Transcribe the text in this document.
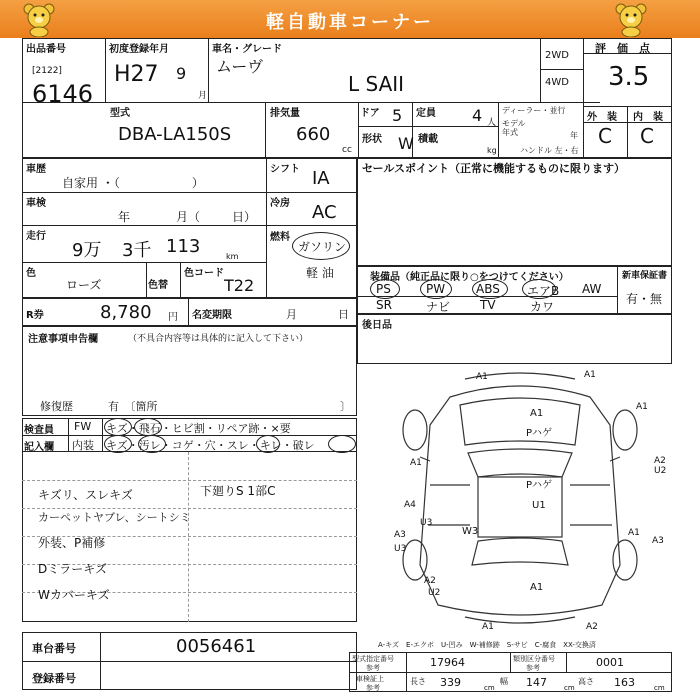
軽自動車コーナー
出品番号
[2122]
6146
初度登録年月
H27 9
月
車名・グレード
ムーヴ
L SAII
2WD
4WD
評　価　点
3.5
型式
DBA-LA150S
排気量
660
cc
ドア 5
形状 W
定員 4 人
積載
kg
ディーラー・並行
モデル
年式	年
ハンドル 左・右
外　装 内　装
C C
車歴
自家用 ・（　　　　　　）
シフト IA
車検
年	月（	日）
冷房 AC
走行
9万 3千 113	km
燃料
ガソリン
軽 油
色
ローズ	色替
色コード
T22
セールスポイント（正常に機能するものに限ります）
装備品（純正品に限り○をつけてください）	新車保証書
有・無
PS	PW	ABS エアB AW
SR	ナビ TV	カワ
R券	8,780 円 名変期限	月	日
注意事項申告欄	（不具合内容等は具体的に記入して下さい）
修復歴	有　〔箇所	〕
後日品
検査員
記入欄
FW キズ・飛石・ヒビ割・リペア跡・×要
内装 キズ・汚レ・コゲ・穴・スレ・キレ・破レ
キズリ、スレキズ
カーペットヤブレ、シートシミ
外装、P補修
Dミラーキズ
Wカバーキズ
下廻りS 1部C
A1	A1
A1
Pハゲ
A1
A1	A2
U2
Pハゲ
U1
A4
U3
W3
A3
U3
A1
A3
A2
U2	A1
A1	A2
A-キズ　E-エクボ　U-凹み　W-補修跡　S-サビ　C-腐食　XX-交換済
車台番号	0056461
登録番号
型式指定番号
参考	17964	類別区分番号
参考	0001
車検証上
参考
長さ 339	cm
幅 147 cm
高さ 163	cm
